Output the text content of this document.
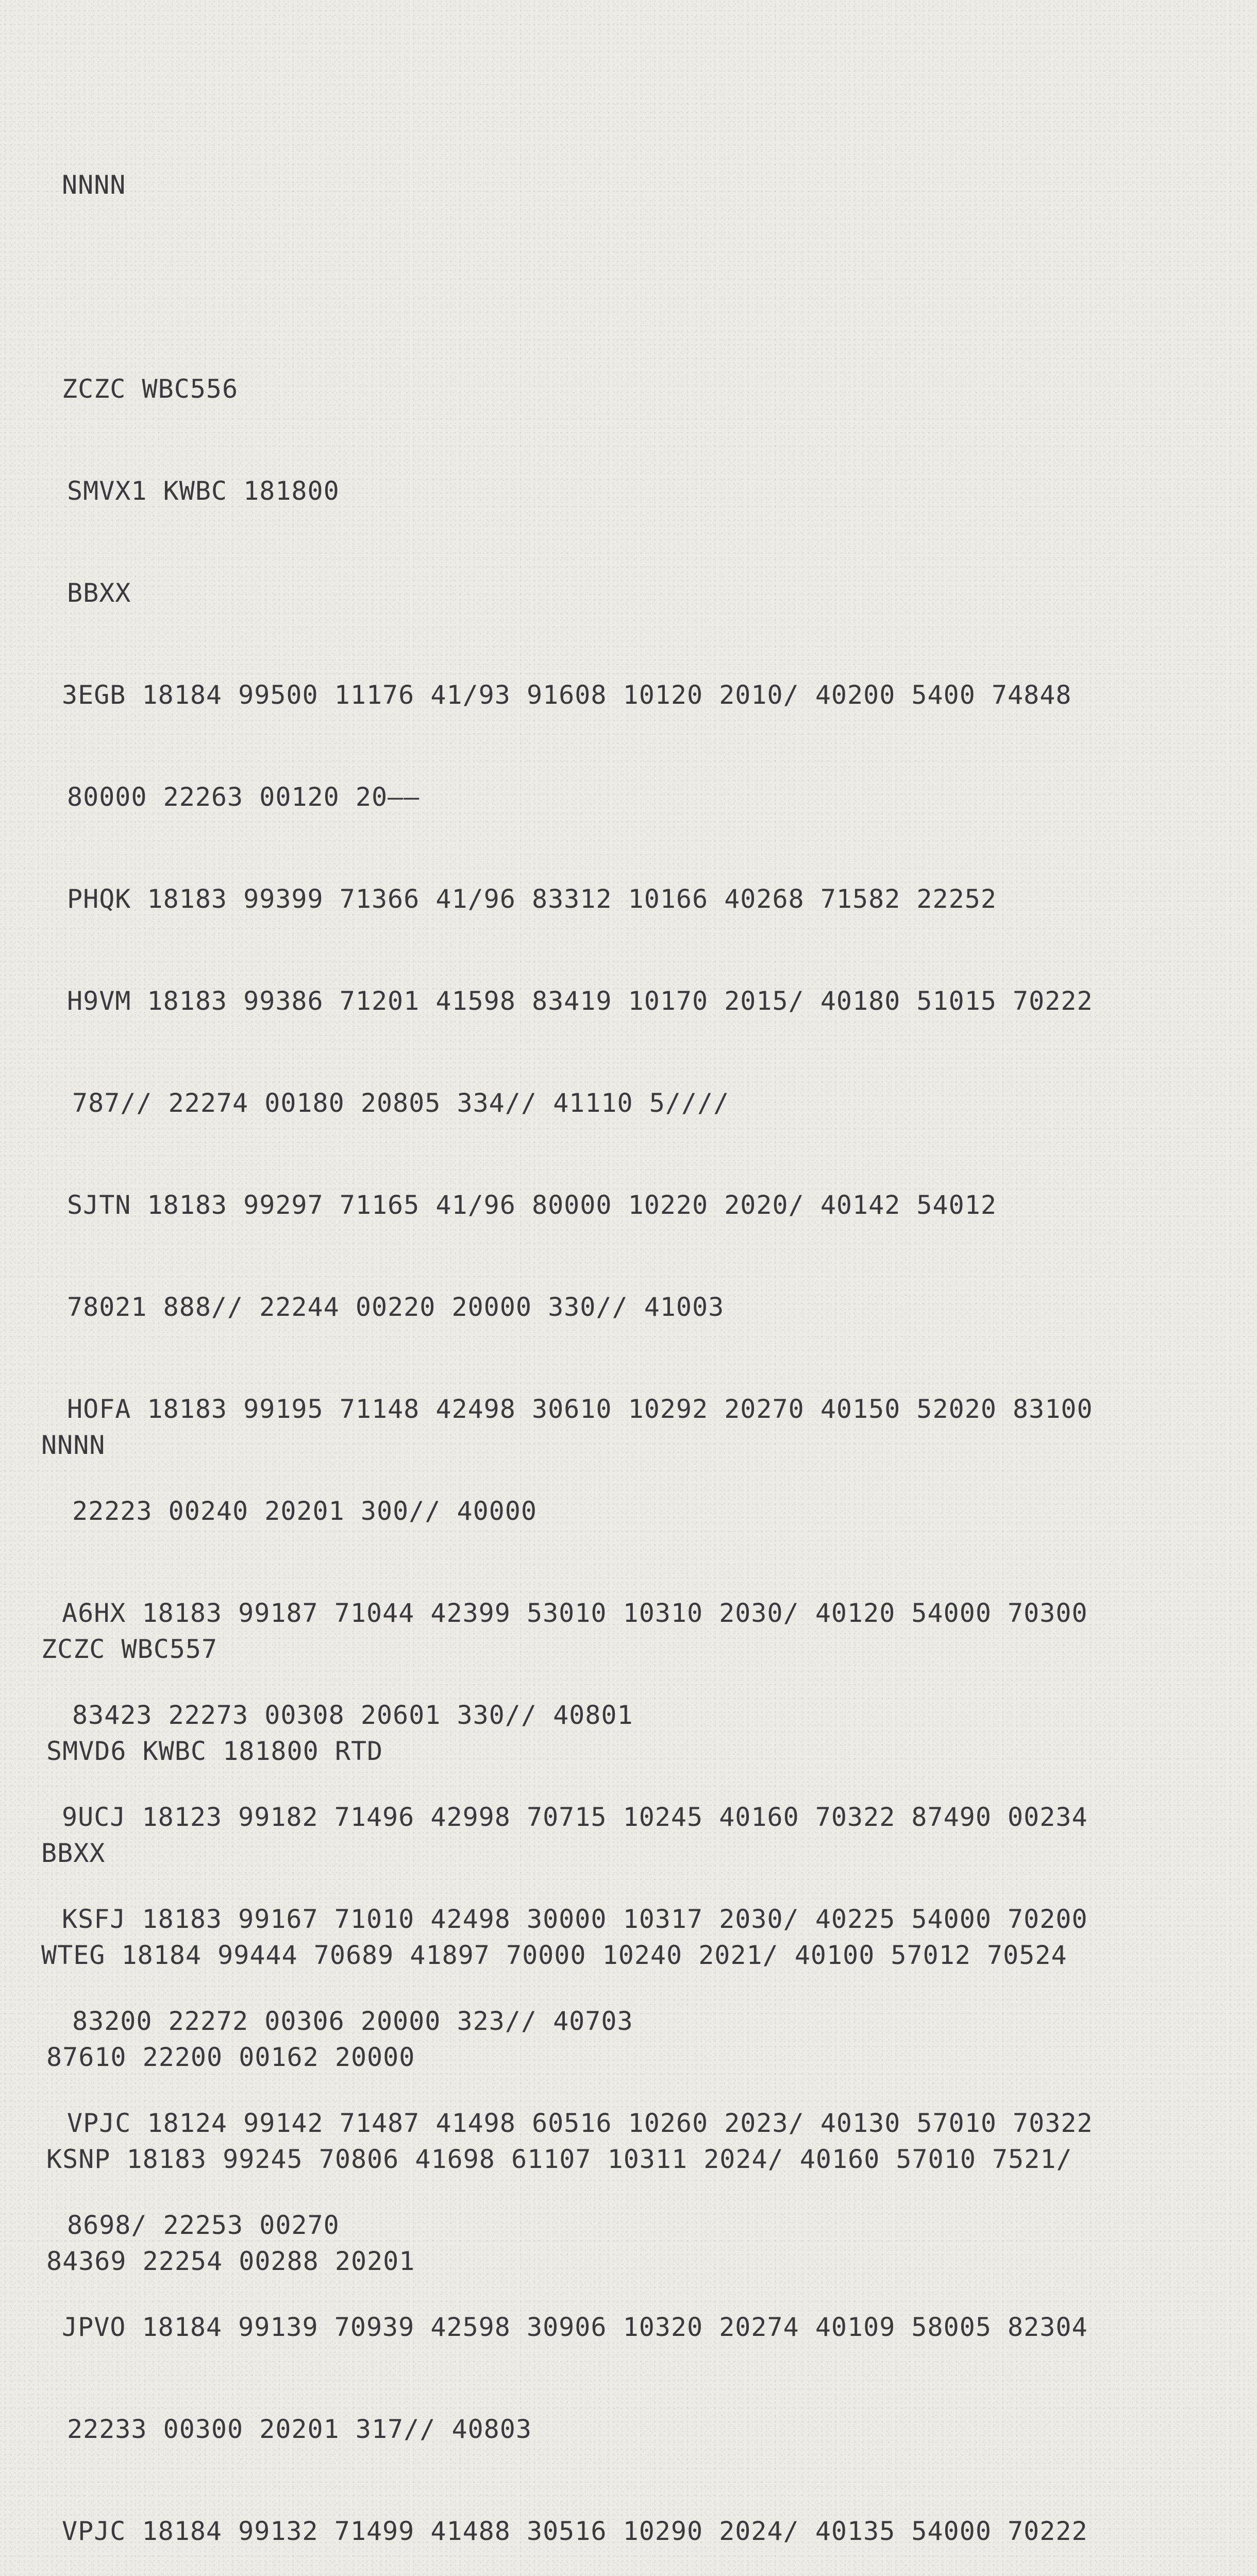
NNNN

ZCZC WBC556

SMVX1 KWBC 181800

BBXX

3EGB 18184 99500 11176 41/93 91608 10120 2010/ 40200 5400 74848

80000 22263 00120 20——

PHQK 18183 99399 71366 41/96 83312 10166 40268 71582 22252

H9VM 18183 99386 71201 41598 83419 10170 2015/ 40180 51015 70222

787// 22274 00180 20805 334// 41110 5////

SJTN 18183 99297 71165 41/96 80000 10220 2020/ 40142 54012

78021 888// 22244 00220 20000 330// 41003

HOFA 18183 99195 71148 42498 30610 10292 20270 40150 52020 83100

22223 00240 20201 300// 40000

A6HX 18183 99187 71044 42399 53010 10310 2030/ 40120 54000 70300

83423 22273 00308 20601 330// 40801

9UCJ 18123 99182 71496 42998 70715 10245 40160 70322 87490 00234

KSFJ 18183 99167 71010 42498 30000 10317 2030/ 40225 54000 70200

83200 22272 00306 20000 323// 40703

VPJC 18124 99142 71487 41498 60516 10260 2023/ 40130 57010 70322

8698/ 22253 00270

JPVO 18184 99139 70939 42598 30906 10320 20274 40109 58005 82304

22233 00300 20201 317// 40803

VPJC 18184 99132 71499 41488 30516 10290 2024/ 40135 54000 70222

NNNN

ZCZC WBC557

SMVD6 KWBC 181800 RTD

BBXX

WTEG 18184 99444 70689 41897 70000 10240 2021/ 40100 57012 70524

87610 22200 00162 20000

KSNP 18183 99245 70806 41698 61107 10311 2024/ 40160 57010 7521/

84369 22254 00288 20201
